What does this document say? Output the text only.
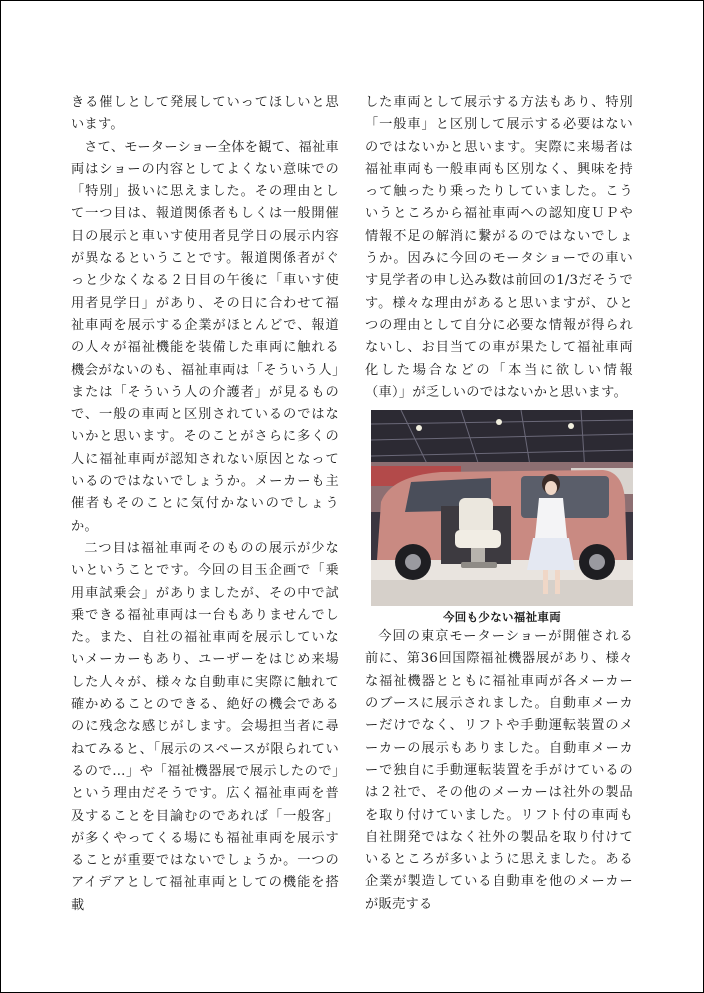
きる催しとして発展していってほしいと思います。

さて、モーターショー全体を観て、福祉車両はショーの内容としてよくない意味での「特別」扱いに思えました。その理由として一つ目は、報道関係者もしくは一般開催日の展示と車いす使用者見学日の展示内容が異なるということです。報道関係者がぐっと少なくなる２日目の午後に「車いす使用者見学日」があり、その日に合わせて福祉車両を展示する企業がほとんどで、報道の人々が福祉機能を装備した車両に触れる機会がないのも、福祉車両は「そういう人」または「そういう人の介護者」が見るもので、一般の車両と区別されているのではないかと思います。そのことがさらに多くの人に福祉車両が認知されない原因となっているのではないでしょうか。メーカーも主催者もそのことに気付かないのでしょうか。

二つ目は福祉車両そのものの展示が少ないということです。今回の目玉企画で「乗用車試乗会」がありましたが、その中で試乗できる福祉車両は一台もありませんでした。また、自社の福祉車両を展示していないメーカーもあり、ユーザーをはじめ来場した人々が、様々な自動車に実際に触れて確かめることのできる、絶好の機会であるのに残念な感じがします。会場担当者に尋ねてみると、「展示のスペースが限られているので…」や「福祉機器展で展示したので」という理由だそうです。広く福祉車両を普及することを目論むのであれば「一般客」が多くやってくる場にも福祉車両を展示することが重要ではないでしょうか。一つのアイデアとして福祉車両としての機能を搭載

した車両として展示する方法もあり、特別「一般車」と区別して展示する必要はないのではないかと思います。実際に来場者は福祉車両も一般車両も区別なく、興味を持って触ったり乗ったりしていました。こういうところから福祉車両への認知度ＵＰや情報不足の解消に繋がるのではないでしょうか。因みに今回のモータショーでの車いす見学者の申し込み数は前回の1/3だそうです。様々な理由があると思いますが、ひとつの理由として自分に必要な情報が得られないし、お目当ての車が果たして福祉車両化した場合などの「本当に欲しい情報（車）」が乏しいのではないかと思います。

今回も少ない福祉車両

今回の東京モーターショーが開催される前に、第36回国際福祉機器展があり、様々な福祉機器とともに福祉車両が各メーカーのブースに展示されました。自動車メーカーだけでなく、リフトや手動運転装置のメーカーの展示もありました。自動車メーカーで独自に手動運転装置を手がけているのは２社で、その他のメーカーは社外の製品を取り付けていました。リフト付の車両も自社開発ではなく社外の製品を取り付けているところが多いように思えました。ある企業が製造している自動車を他のメーカーが販売する
